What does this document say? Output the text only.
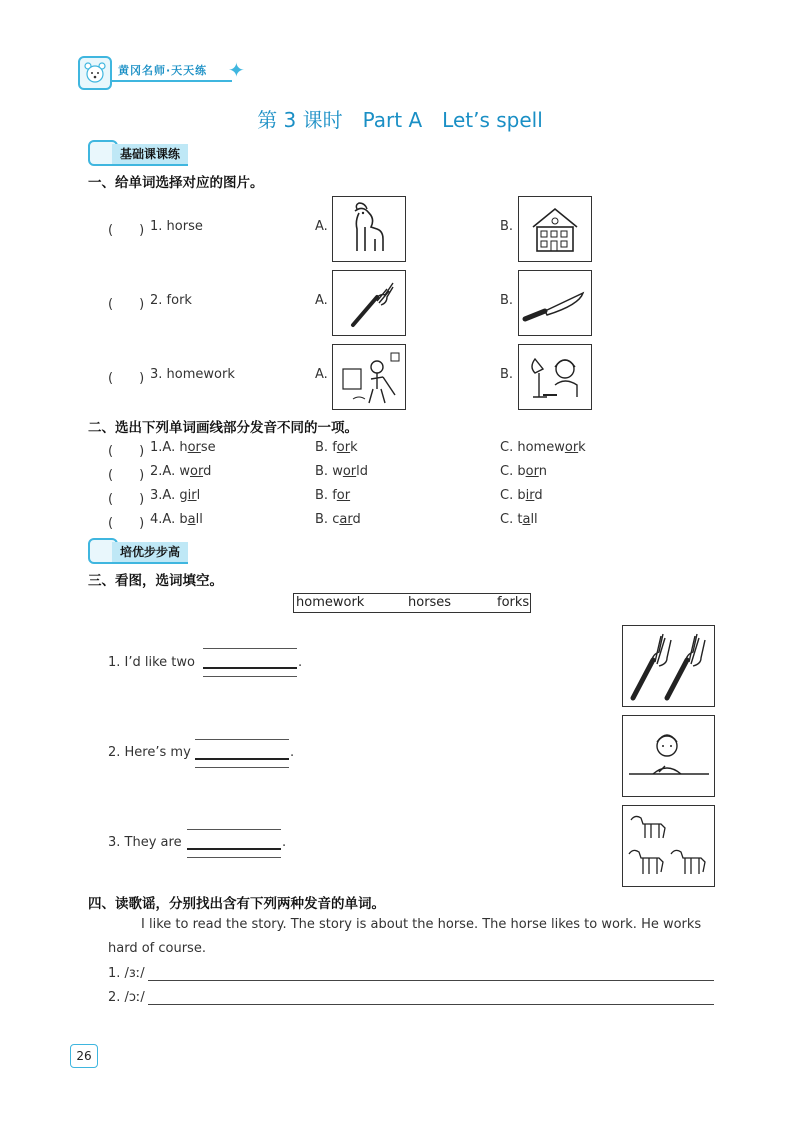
黄冈名师·天天练 ✦
第 3 课时　Part A　Let’s spell
基础课课练
一、给单词选择对应的图片。
(　　) 1. horse	A.	B.
(　　) 2. fork	A.	B.
(　　) 3. homework	A.	B.
二、选出下列单词画线部分发音不同的一项。
(　　) 1.A. horse	B. fork	C. homework
(　　) 2.A. word	B. world	C. born
(　　) 3.A. girl	B. for	C. bird
(　　) 4.A. ball	B. card	C. tall
培优步步高
三、看图，选词填空。
homework	horses	forks
1. I’d like two	.
2. Here’s my	.
3. They are	.
四、读歌谣，分别找出含有下列两种发音的单词。
I like to read the story. The story is about the horse. The horse likes to work. He works
hard of course.
1. /ɜː/
2. /ɔː/
26
